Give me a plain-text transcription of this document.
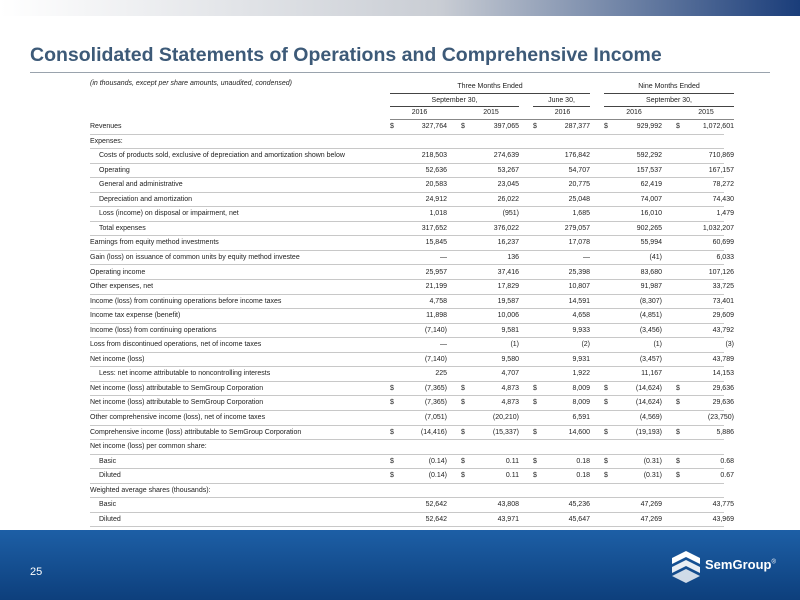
Consolidated Statements of Operations and Comprehensive Income
(in thousands, except per share amounts, unaudited, condensed)	Three Months Ended	Nine Months Ended
September 30,	June 30,	September 30,
2016	2015	2016	2016	2015
Revenues	$	327,764 $	397,065 $	287,377 $	929,992 $	1,072,601
Expenses:
Costs of products sold, exclusive of depreciation and amortization shown below	218,503	274,639	176,842	592,292	710,869
Operating	52,636	53,267	54,707	157,537	167,157
General and administrative	20,583	23,045	20,775	62,419	78,272
Depreciation and amortization	24,912	26,022	25,048	74,007	74,430
Loss (income) on disposal or impairment, net	1,018	(951)	1,685	16,010	1,479
Total expenses	317,652	376,022	279,057	902,265	1,032,207
Earnings from equity method investments	15,845	16,237	17,078	55,994	60,699
Gain (loss) on issuance of common units by equity method investee	—	136	—	(41)	6,033
Operating income	25,957	37,416	25,398	83,680	107,126
Other expenses, net	21,199	17,829	10,807	91,987	33,725
Income (loss) from continuing operations before income taxes	4,758	19,587	14,591	(8,307)	73,401
Income tax expense (benefit)	11,898	10,006	4,658	(4,851)	29,609
Income (loss) from continuing operations	(7,140)	9,581	9,933	(3,456)	43,792
Loss from discontinued operations, net of income taxes	—	(1)	(2)	(1)	(3)
Net income (loss)	(7,140)	9,580	9,931	(3,457)	43,789
Less: net income attributable to noncontrolling interests	225	4,707	1,922	11,167	14,153
Net income (loss) attributable to SemGroup Corporation	$	(7,365) $	4,873 $	8,009 $	(14,624) $	29,636
Net income (loss) attributable to SemGroup Corporation	$	(7,365) $	4,873 $	8,009 $	(14,624) $	29,636
Other comprehensive income (loss), net of income taxes	(7,051)	(20,210)	6,591	(4,569)	(23,750)
Comprehensive income (loss) attributable to SemGroup Corporation	$	(14,416) $	(15,337) $	14,600 $	(19,193) $	5,886
Net income (loss) per common share:
Basic	$	(0.14) $	0.11 $	0.18 $	(0.31) $	0.68
Diluted	$	(0.14) $	0.11 $	0.18 $	(0.31) $	0.67
Weighted average shares (thousands):
Basic	52,642	43,808	45,236	47,269	43,775
Diluted	52,642	43,971	45,647	47,269	43,969
25	SemGroup®
